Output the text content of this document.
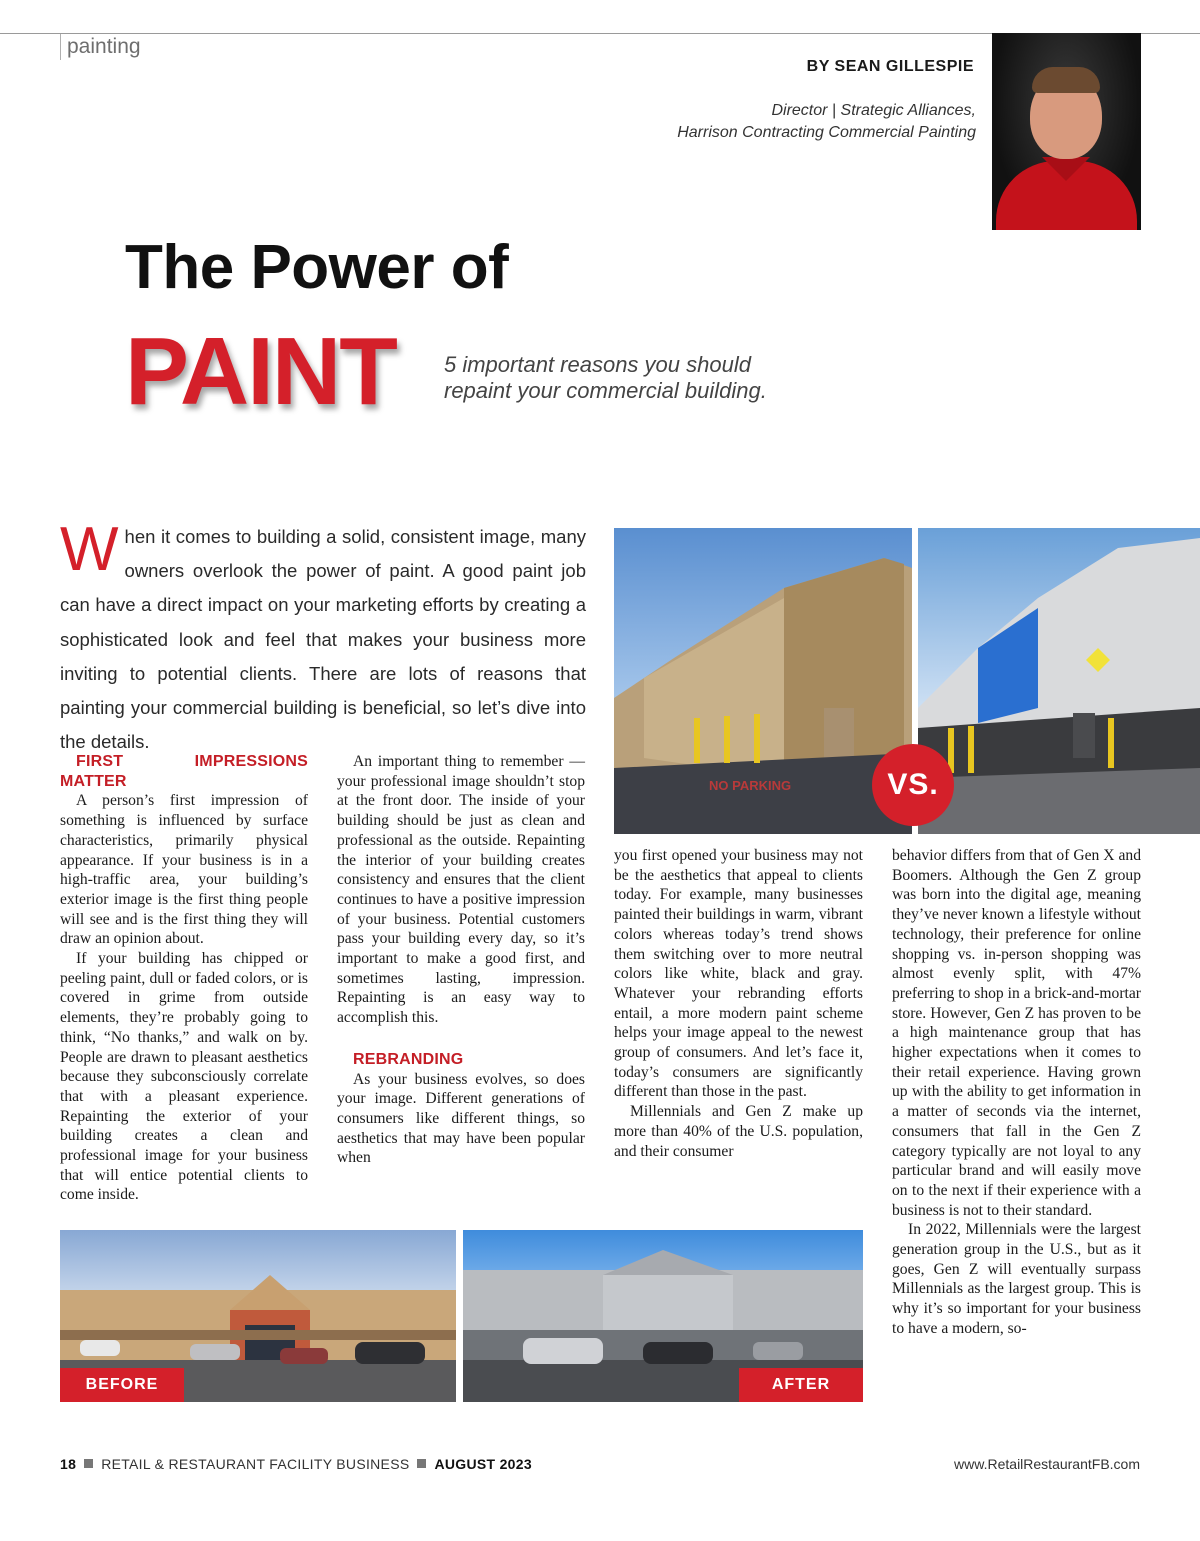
painting
BY SEAN GILLESPIE
Director | Strategic Alliances,
Harrison Contracting Commercial Painting
The Power of
PAINT 5 important reasons you should
repaint your commercial building.
When it comes to building a solid, consistent image, many owners overlook the power of paint. A good paint job can have a direct impact on your marketing efforts by creating a sophisticated look and feel that makes your business more inviting to potential clients. There are lots of reasons that painting your commercial building is beneficial, so let’s dive into the details.
NO PARKING	VS.

FIRST IMPRESSIONS MATTER

A person’s first impression of something is influenced by surface characteristics, primarily physical appearance. If your business is in a high-traffic area, your building’s exterior image is the first thing people will see and is the first thing they will draw an opinion about.

If your building has chipped or peeling paint, dull or faded colors, or is covered in grime from outside elements, they’re probably going to think, “No thanks,” and walk on by. People are drawn to pleasant aesthetics because they subconsciously correlate that with a pleasant experience. Repainting the exterior of your building creates a clean and professional image for your business that will entice potential clients to come inside.

An important thing to remember — your professional image shouldn’t stop at the front door. The inside of your building should be just as clean and professional as the outside. Repainting the interior of your building creates consistency and ensures that the client continues to have a positive impression of your business. Potential customers pass your building every day, so it’s important to make a good first, and sometimes lasting, impression. Repainting is an easy way to accomplish this.

REBRANDING

As your business evolves, so does your image. Different generations of consumers like different things, so aesthetics that may have been popular when

you first opened your business may not be the aesthetics that appeal to clients today. For example, many businesses painted their buildings in warm, vibrant colors whereas today’s trend shows them switching over to more neutral colors like white, black and gray. Whatever your rebranding efforts entail, a more modern paint scheme helps your image appeal to the newest group of consumers. And let’s face it, today’s consumers are significantly different than those in the past.

Millennials and Gen Z make up more than 40% of the U.S. population, and their consumer

behavior differs from that of Gen X and Boomers. Although the Gen Z group was born into the digital age, meaning they’ve never known a lifestyle without technology, their preference for online shopping vs. in-person shopping was almost evenly split, with 47% preferring to shop in a brick-and-mortar store. However, Gen Z has proven to be a high maintenance group that has higher expectations when it comes to their retail experience. Having grown up with the ability to get information in a matter of seconds via the internet, consumers that fall in the Gen Z category typically are not loyal to any particular brand and will easily move on to the next if their experience with a business is not to their standard.

In 2022, Millennials were the largest generation group in the U.S., but as it goes, Gen Z will eventually surpass Millennials as the largest group. This is why it’s so important for your business to have a modern, so-

BEFORE	AFTER
18 RETAIL & RESTAURANT FACILITY BUSINESS AUGUST 2023	www.RetailRestaurantFB.com
